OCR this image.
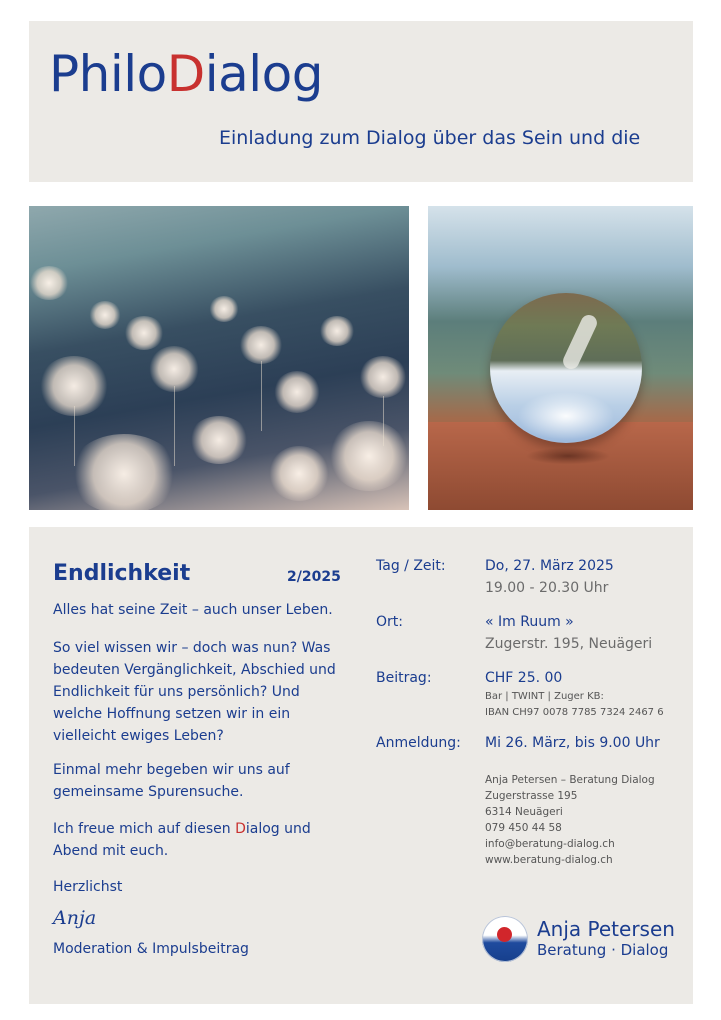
PhiloDialog
Einladung zum Dialog über das Sein und die
Endlichkeit	2/2025
Alles hat seine Zeit – auch unser Leben.
So viel wissen wir – doch was nun? Was bedeuten Vergänglichkeit, Abschied und Endlichkeit für uns persönlich? Und welche Hoffnung setzen wir in ein vielleicht ewiges Leben?
Einmal mehr begeben wir uns auf gemeinsame Spurensuche.
Ich freue mich auf diesen Dialog und Abend mit euch.
Herzlichst
Anja
Moderation & Impulsbeitrag
Tag / Zeit:	Do, 27. März 2025
19.00 - 20.30 Uhr
Ort:	« Im Ruum »
Zugerstr. 195, Neuägeri
Beitrag:	CHF 25. 00
Bar | TWINT | Zuger KB:
IBAN CH97 0078 7785 7324 2467 6
Anmeldung: Mi 26. März, bis 9.00 Uhr
Anja Petersen – Beratung Dialog
Zugerstrasse 195
6314 Neuägeri
079 450 44 58
info@beratung-dialog.ch
www.beratung-dialog.ch
Anja Petersen
Beratung · Dialog
